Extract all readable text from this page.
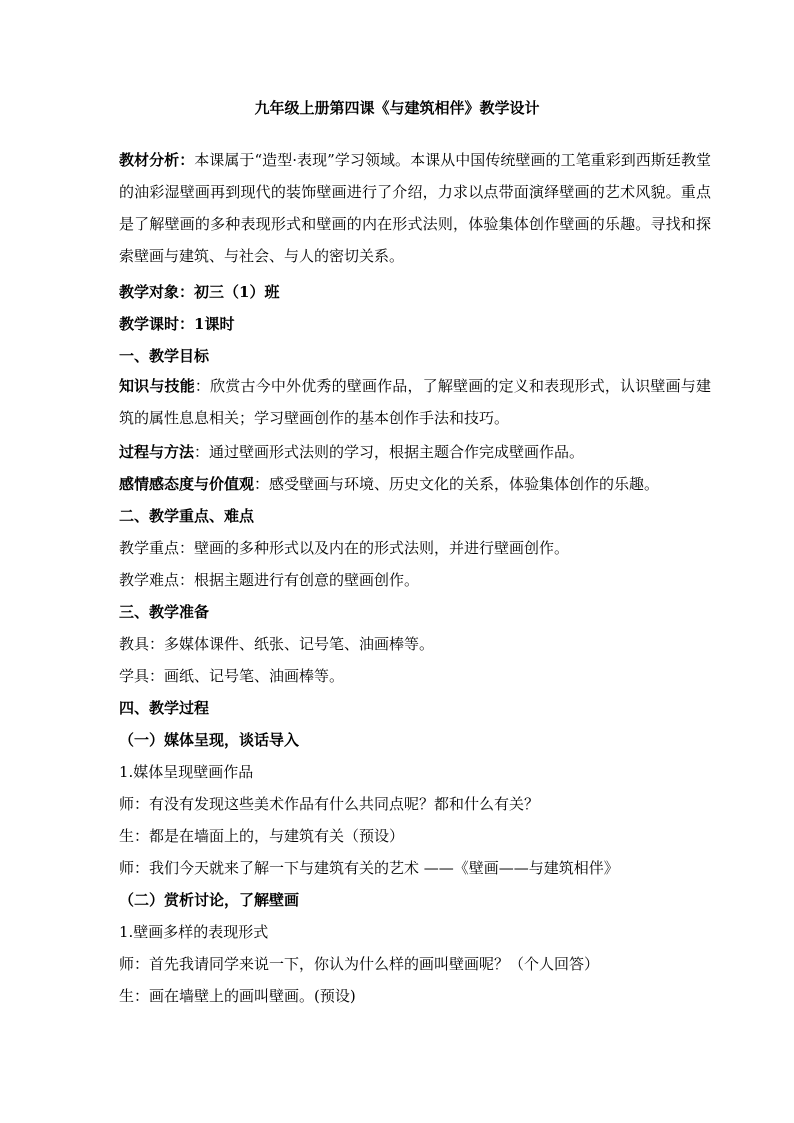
九年级上册第四课《与建筑相伴》教学设计
教材分析：本课属于“造型·表现”学习领域。本课从中国传统壁画的工笔重彩到西斯廷教堂的油彩湿壁画再到现代的装饰壁画进行了介绍，力求以点带面演绎壁画的艺术风貌。重点是了解壁画的多种表现形式和壁画的内在形式法则，体验集体创作壁画的乐趣。寻找和探索壁画与建筑、与社会、与人的密切关系。
教学对象：初三（1）班
教学课时：1课时
一、教学目标
知识与技能：欣赏古今中外优秀的壁画作品，了解壁画的定义和表现形式，认识壁画与建筑的属性息息相关；学习壁画创作的基本创作手法和技巧。
过程与方法：通过壁画形式法则的学习，根据主题合作完成壁画作品。
感情感态度与价值观：感受壁画与环境、历史文化的关系，体验集体创作的乐趣。
二、教学重点、难点
教学重点：壁画的多种形式以及内在的形式法则，并进行壁画创作。
教学难点：根据主题进行有创意的壁画创作。
三、教学准备
教具：多媒体课件、纸张、记号笔、油画棒等。
学具：画纸、记号笔、油画棒等。
四、教学过程
（一）媒体呈现，谈话导入
1.媒体呈现壁画作品
师：有没有发现这些美术作品有什么共同点呢？都和什么有关？
生：都是在墙面上的，与建筑有关（预设）
师：我们今天就来了解一下与建筑有关的艺术 ——《壁画——与建筑相伴》
（二）赏析讨论，了解壁画
1.壁画多样的表现形式
师：首先我请同学来说一下，你认为什么样的画叫壁画呢？（个人回答）
生：画在墙壁上的画叫壁画。(预设)
